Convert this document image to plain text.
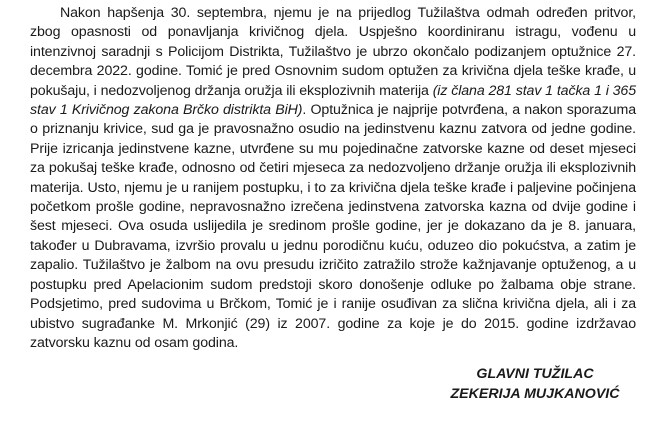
Nakon hapšenja 30. septembra, njemu je na prijedlog Tužilaštva odmah određen pritvor, zbog opasnosti od ponavljanja krivičnog djela. Uspješno koordiniranu istragu, vođenu u intenzivnoj saradnji s Policijom Distrikta, Tužilaštvo je ubrzo okončalo podizanjem optužnice 27. decembra 2022. godine. Tomić je pred Osnovnim sudom optužen za krivična djela teške krađe, u pokušaju, i nedozvoljenog držanja oružja ili eksplozivnih materija (iz člana 281 stav 1 tačka 1 i 365 stav 1 Krivičnog zakona Brčko distrikta BiH). Optužnica je najprije potvrđena, a nakon sporazuma o priznanju krivice, sud ga je pravosnažno osudio na jedinstvenu kaznu zatvora od jedne godine. Prije izricanja jedinstvene kazne, utvrđene su mu pojedinačne zatvorske kazne od deset mjeseci za pokušaj teške krađe, odnosno od četiri mjeseca za nedozvoljeno držanje oružja ili eksplozivnih materija. Usto, njemu je u ranijem postupku, i to za krivična djela teške krađe i paljevine počinjena početkom prošle godine, nepravosnažno izrečena jedinstvena zatvorska kazna od dvije godine i šest mjeseci. Ova osuda uslijedila je sredinom prošle godine, jer je dokazano da je 8. januara, također u Dubravama, izvršio provalu u jednu porodičnu kuću, oduzeo dio pokućstva, a zatim je zapalio. Tužilaštvo je žalbom na ovu presudu izričito zatražilo strože kažnjavanje optuženog, a u postupku pred Apelacionim sudom predstoji skoro donošenje odluke po žalbama obje strane. Podsjetimo, pred sudovima u Brčkom, Tomić je i ranije osuđivan za slična krivična djela, ali i za ubistvo sugrađanke M. Mrkonjić (29) iz 2007. godine za koje je do 2015. godine izdržavao zatvorsku kaznu od osam godina.

GLAVNI TUŽILAC
ZEKERIJA MUJKANOVIĆ
